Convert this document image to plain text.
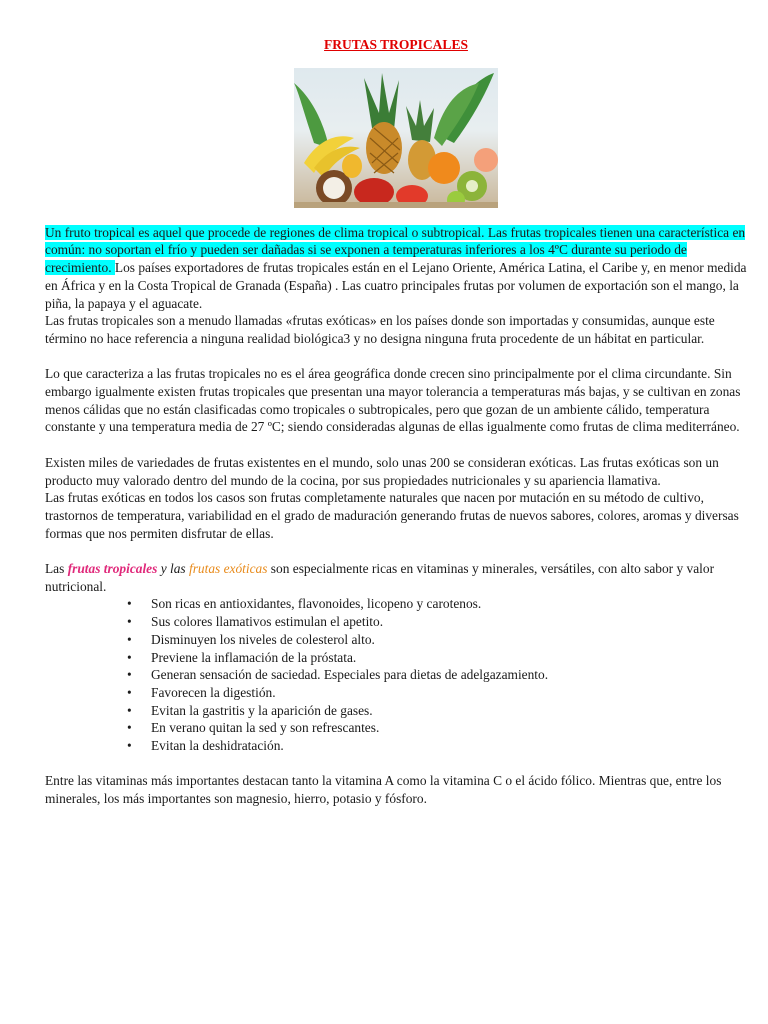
FRUTAS TROPICALES

Un fruto tropical es aquel que procede de regiones de clima tropical o subtropical. Las frutas tropicales tienen una característica en común: no soportan el frío y pueden ser dañadas si se exponen a temperaturas inferiores a los 4ºC durante su periodo de crecimiento. Los países exportadores de frutas tropicales están en el Lejano Oriente, América Latina, el Caribe y, en menor medida en África y en la Costa Tropical de Granada (España) . Las cuatro principales frutas por volumen de exportación son el mango, la piña, la papaya y el aguacate.

Las frutas tropicales son a menudo llamadas «frutas exóticas» en los países donde son importadas y consumidas, aunque este término no hace referencia a ninguna realidad biológica3 y no designa ninguna fruta procedente de un hábitat en particular.

Lo que caracteriza a las frutas tropicales no es el área geográfica donde crecen sino principalmente por el clima circundante. Sin embargo igualmente existen frutas tropicales que presentan una mayor tolerancia a temperaturas más bajas, y se cultivan en zonas menos cálidas que no están clasificadas como tropicales o subtropicales, pero que gozan de un ambiente cálido, temperatura constante y una temperatura media de 27 ºC; siendo consideradas algunas de ellas igualmente como frutas de clima mediterráneo.

Existen miles de variedades de frutas existentes en el mundo, solo unas 200 se consideran exóticas. Las frutas exóticas son un producto muy valorado dentro del mundo de la cocina, por sus propiedades nutricionales y su apariencia llamativa.

Las frutas exóticas en todos los casos son frutas completamente naturales que nacen por mutación en su método de cultivo, trastornos de temperatura, variabilidad en el grado de maduración generando frutas de nuevos sabores, colores, aromas y diversas formas que nos permiten disfrutar de ellas.

Las frutas tropicales y las frutas exóticas son especialmente ricas en vitaminas y minerales, versátiles, con alto sabor y valor nutricional.

• Son ricas en antioxidantes, flavonoides, licopeno y carotenos.
• Sus colores llamativos estimulan el apetito.
• Disminuyen los niveles de colesterol alto.
• Previene la inflamación de la próstata.
• Generan sensación de saciedad. Especiales para dietas de adelgazamiento.
• Favorecen la digestión.
• Evitan la gastritis y la aparición de gases.
• En verano quitan la sed y son refrescantes.
• Evitan la deshidratación.

Entre las vitaminas más importantes destacan tanto la vitamina A como la vitamina C o el ácido fólico. Mientras que, entre los minerales, los más importantes son magnesio, hierro, potasio y fósforo.
